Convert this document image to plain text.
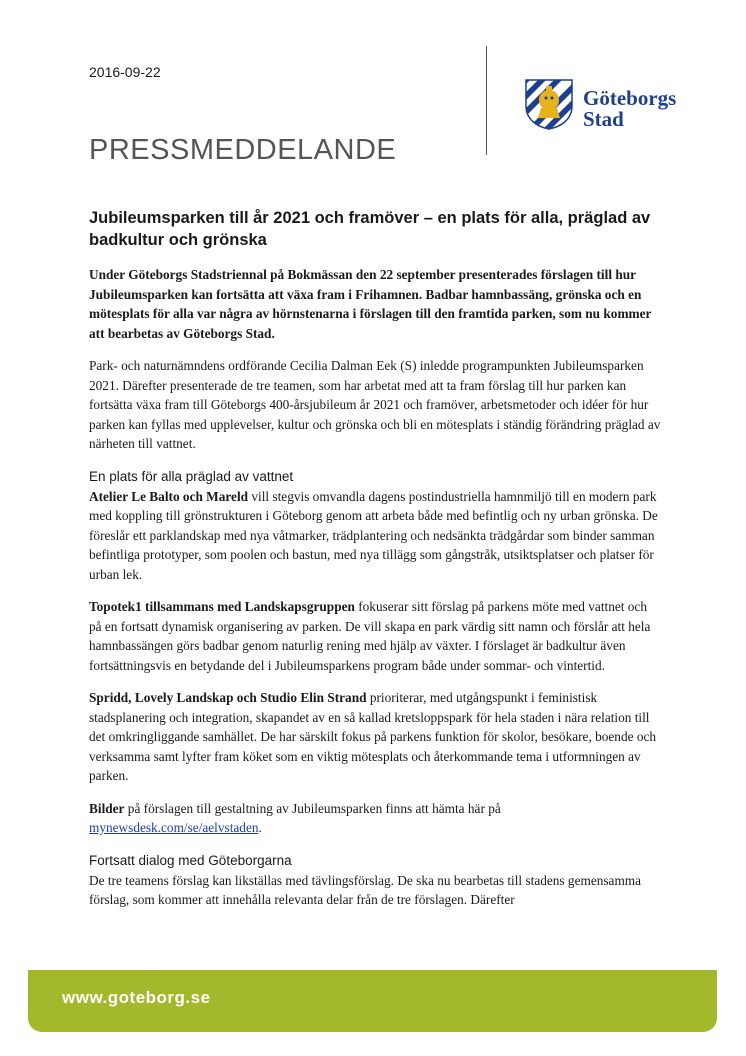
2016-09-22
Göteborgs
Stad
PRESSMEDDELANDE
Jubileumsparken till år 2021 och framöver – en plats för alla, präglad av badkultur och grönska

Under Göteborgs Stadstriennal på Bokmässan den 22 september presenterades förslagen till hur Jubileumsparken kan fortsätta att växa fram i Frihamnen. Badbar hamnbassäng, grönska och en mötesplats för alla var några av hörnstenarna i förslagen till den framtida parken, som nu kommer att bearbetas av Göteborgs Stad.

Park- och naturnämndens ordförande Cecilia Dalman Eek (S) inledde programpunkten Jubileumsparken 2021. Därefter presenterade de tre teamen, som har arbetat med att ta fram förslag till hur parken kan fortsätta växa fram till Göteborgs 400-årsjubileum år 2021 och framöver, arbetsmetoder och idéer för hur parken kan fyllas med upplevelser, kultur och grönska och bli en mötesplats i ständig förändring präglad av närheten till vattnet.

En plats för alla präglad av vattnet

Atelier Le Balto och Mareld vill stegvis omvandla dagens postindustriella hamnmiljö till en modern park med koppling till grönstrukturen i Göteborg genom att arbeta både med befintlig och ny urban grönska. De föreslår ett parklandskap med nya våtmarker, trädplantering och nedsänkta trädgårdar som binder samman befintliga prototyper, som poolen och bastun, med nya tillägg som gångstråk, utsiktsplatser och platser för urban lek.

Topotek1 tillsammans med Landskapsgruppen fokuserar sitt förslag på parkens möte med vattnet och på en fortsatt dynamisk organisering av parken. De vill skapa en park värdig sitt namn och förslår att hela hamnbassängen görs badbar genom naturlig rening med hjälp av växter. I förslaget är badkultur även fortsättningsvis en betydande del i Jubileumsparkens program både under sommar- och vintertid.

Spridd, Lovely Landskap och Studio Elin Strand prioriterar, med utgångspunkt i feministisk stadsplanering och integration, skapandet av en så kallad kretsloppspark för hela staden i nära relation till det omkringliggande samhället. De har särskilt fokus på parkens funktion för skolor, besökare, boende och verksamma samt lyfter fram köket som en viktig mötesplats och återkommande tema i utformningen av parken.

Bilder på förslagen till gestaltning av Jubileumsparken finns att hämta här på mynewsdesk.com/se/aelvstaden.

Fortsatt dialog med Göteborgarna

De tre teamens förslag kan likställas med tävlingsförslag. De ska nu bearbetas till stadens gemensamma förslag, som kommer att innehålla relevanta delar från de tre förslagen. Därefter

www.goteborg.se
